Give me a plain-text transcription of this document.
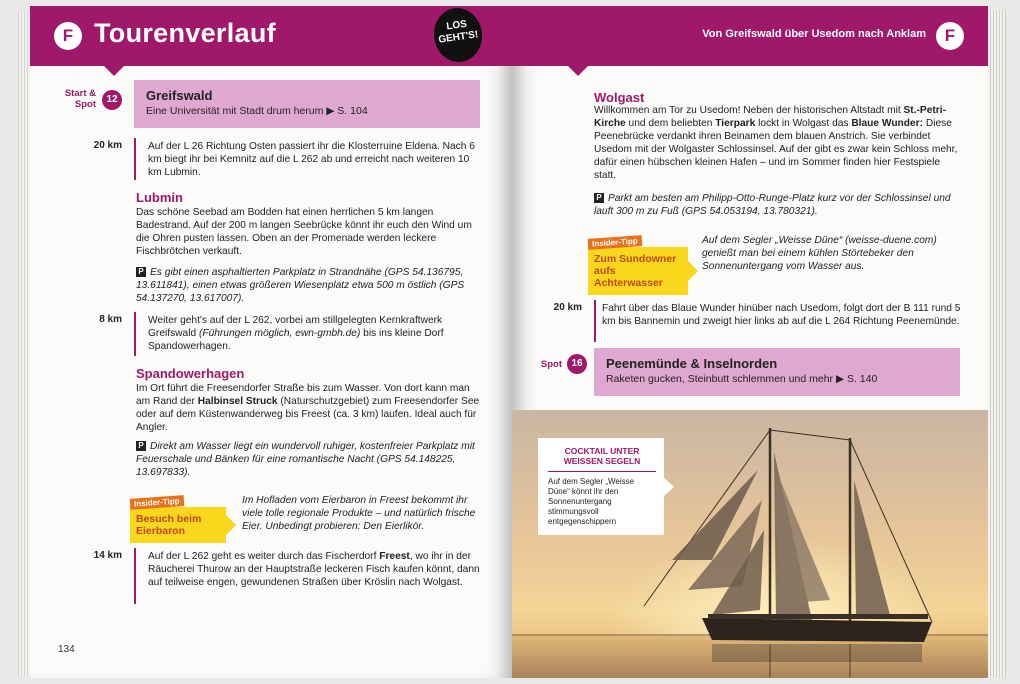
F Tourenverlauf	LOS GEHT'S!
Start &
Spot	12	Greifswald
Eine Universität mit Stadt drum herum ▶ S. 104
20 km	Auf der L 26 Richtung Osten passiert ihr die Klosterruine Eldena. Nach 6 km biegt ihr bei Kemnitz auf die L 262 ab und erreicht nach weiteren 10 km Lubmin.
Lubmin
Das schöne Seebad am Bodden hat einen herrlichen 5 km langen Badestrand. Auf der 200 m langen Seebrücke könnt ihr euch den Wind um die Ohren pusten lassen. Oben an der Promenade werden leckere Fischbrötchen verkauft.
P Es gibt einen asphaltierten Parkplatz in Strandnähe (GPS 54.136795, 13.611841), einen etwas größeren Wiesenplatz etwa 500 m östlich (GPS 54.137270, 13.617007).
8 km	Weiter geht's auf der L 262, vorbei am stillgelegten Kernkraftwerk Greifswald (Führungen möglich, ewn-gmbh.de) bis ins kleine Dorf Spandowerhagen.
Spandowerhagen
Im Ort führt die Freesendorfer Straße bis zum Wasser. Von dort kann man am Rand der Halbinsel Struck (Naturschutzgebiet) zum Freesendorfer See oder auf dem Küstenwanderweg bis Freest (ca. 3 km) laufen. Ideal auch für Angler.
P Direkt am Wasser liegt ein wundervoll ruhiger, kostenfreier Parkplatz mit Feuerschale und Bänken für eine romantische Nacht (GPS 54.148225, 13.697833).
Insider-Tipp
Besuch beim Eierbaron
Im Hofladen vom Eierbaron in Freest bekommt ihr viele tolle regionale Produkte – und natürlich frische Eier. Unbedingt probieren: Den Eierlikör.
14 km	Auf der L 262 geht es weiter durch das Fischerdorf Freest, wo ihr in der Räucherei Thurow an der Hauptstraße leckeren Fisch kaufen könnt, dann auf teilweise engen, gewundenen Straßen über Kröslin nach Wolgast.
134
Von Greifswald über Usedom nach Anklam	F
Wolgast
Willkommen am Tor zu Usedom! Neben der historischen Altstadt mit St.-Petri-Kirche und dem beliebten Tierpark lockt in Wolgast das Blaue Wunder: Diese Peenebrücke verdankt ihren Beinamen dem blauen Anstrich. Sie verbindet Usedom mit der Wolgaster Schlossinsel. Auf der gibt es zwar kein Schloss mehr, dafür einen hübschen kleinen Hafen – und im Sommer finden hier Festspiele statt.
P Parkt am besten am Philipp-Otto-Runge-Platz kurz vor der Schlossinsel und lauft 300 m zu Fuß (GPS 54.053194, 13.780321).
Insider-Tipp
Zum Sundowner aufs Achterwasser
Auf dem Segler „Weisse Düne“ (weisse-duene.com) genießt man bei einem kühlen Störtebeker den Sonnenuntergang vom Wasser aus.
20 km Fahrt über das Blaue Wunder hinüber nach Usedom, folgt dort der B 111 rund 5 km bis Bannemin und zweigt hier links ab auf die L 264 Richtung Peenemünde.
Spot 16	Peenemünde & Inselnorden
Raketen gucken, Steinbutt schlemmen und mehr ▶ S. 140
COCKTAIL UNTER WEISSEN SEGELN
Auf dem Segler „Weisse Düne“ könnt ihr den Sonnenuntergang stimmungsvoll entgegenschippern
